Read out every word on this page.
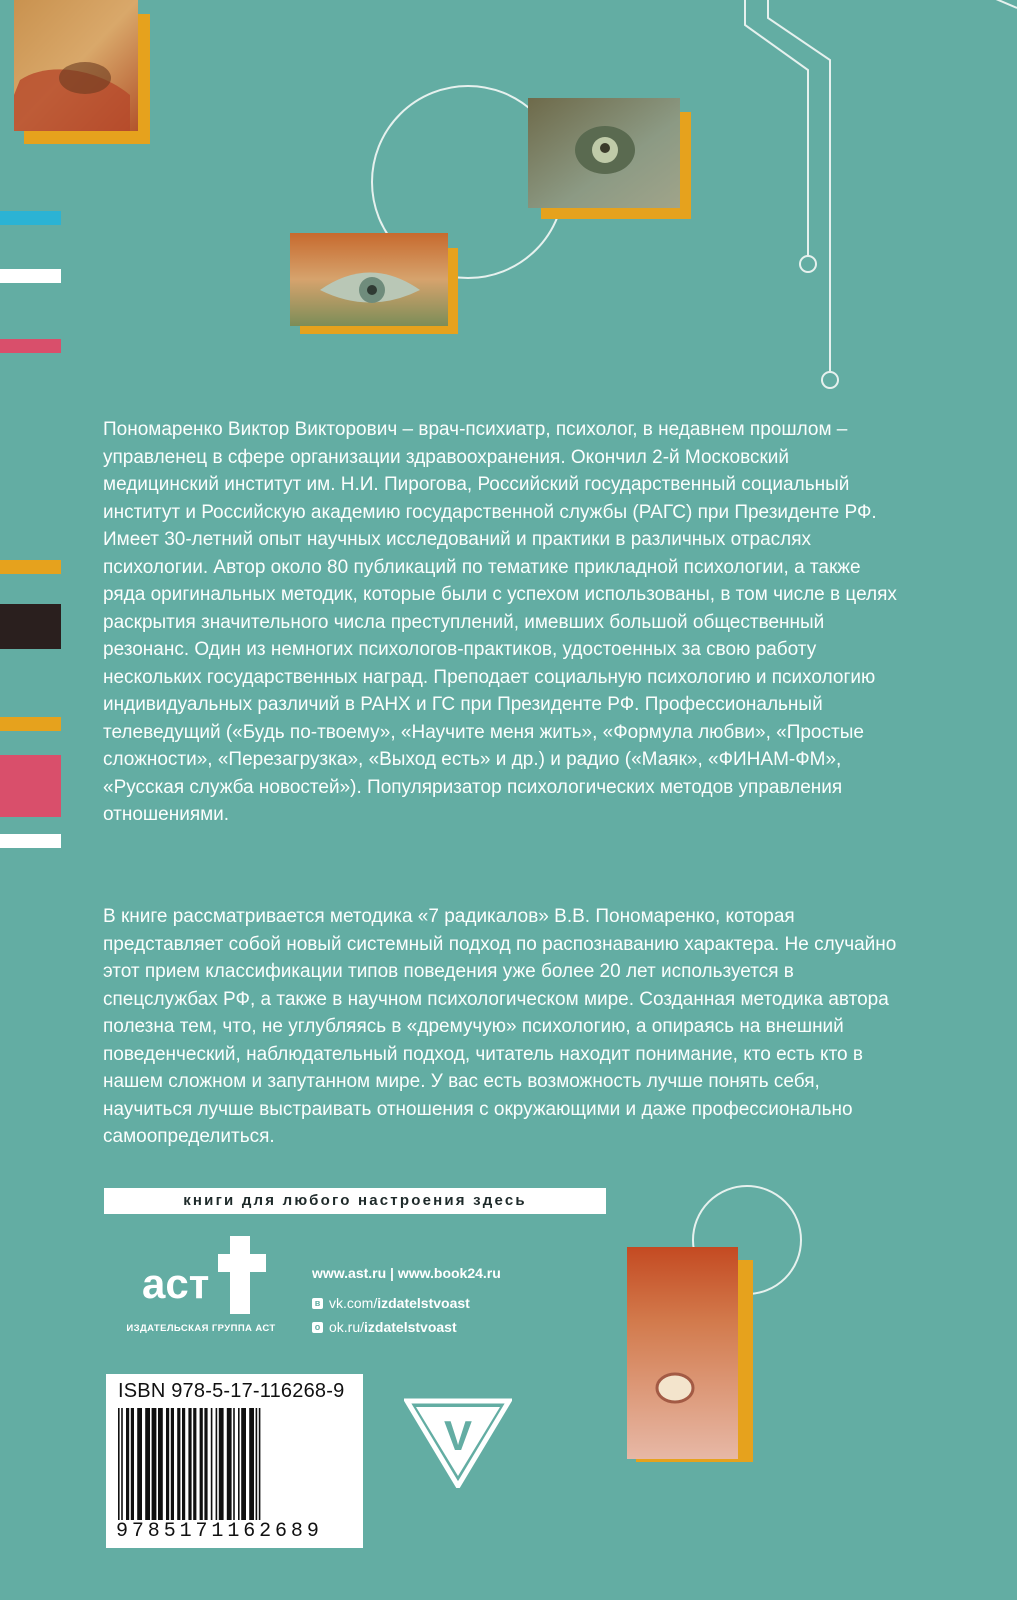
Пономаренко Виктор Викторович – врач-психиатр, психолог, в недавнем прошлом – управленец в сфере организации здравоохранения. Окончил 2-й Московский медицинский институт им. Н.И. Пирогова, Российский государственный социальный институт и Российскую академию государственной службы (РАГС) при Президенте РФ. Имеет 30-летний опыт научных исследований и практики в различных отраслях психологии. Автор около 80 публикаций по тематике прикладной психологии, а также ряда оригинальных методик, которые были с успехом использованы, в том числе в целях раскрытия значительного числа преступлений, имевших большой общественный резонанс. Один из немногих психологов-практиков, удостоенных за свою работу нескольких государственных наград. Преподает социальную психологию и психологию индивидуальных различий в РАНХ и ГС при Президенте РФ. Профессиональный телеведущий («Будь по-твоему», «Научите меня жить», «Формула любви», «Простые сложности», «Перезагрузка», «Выход есть» и др.) и радио («Маяк», «ФИНАМ-ФМ», «Русская служба новостей»). Популяризатор психологических методов управления отношениями.

В книге рассматривается методика «7 радикалов» В.В. Пономаренко, которая представляет собой новый системный подход по распознаванию характера. Не случайно этот прием классификации типов поведения уже более 20 лет используется в спецслужбах РФ, а также в научном психологическом мире. Созданная методика автора полезна тем, что, не углубляясь в «дремучую» психологию, а опираясь на внешний поведенческий, наблюдательный подход, читатель находит понимание, кто есть кто в нашем сложном и запутанном мире. У вас есть возможность лучше понять себя, научиться лучше выстраивать отношения с окружающими и даже профессионально самоопределиться.

книги для любого настроения здесь
аст
ИЗДАТЕЛЬСКАЯ ГРУППА АСТ
www.ast.ru | www.book24.ru
в vk.com/ izdatelstvoast
о ok.ru/ izdatelstvoast
ISBN 978-5-17-116268-9
9785171162689
V
